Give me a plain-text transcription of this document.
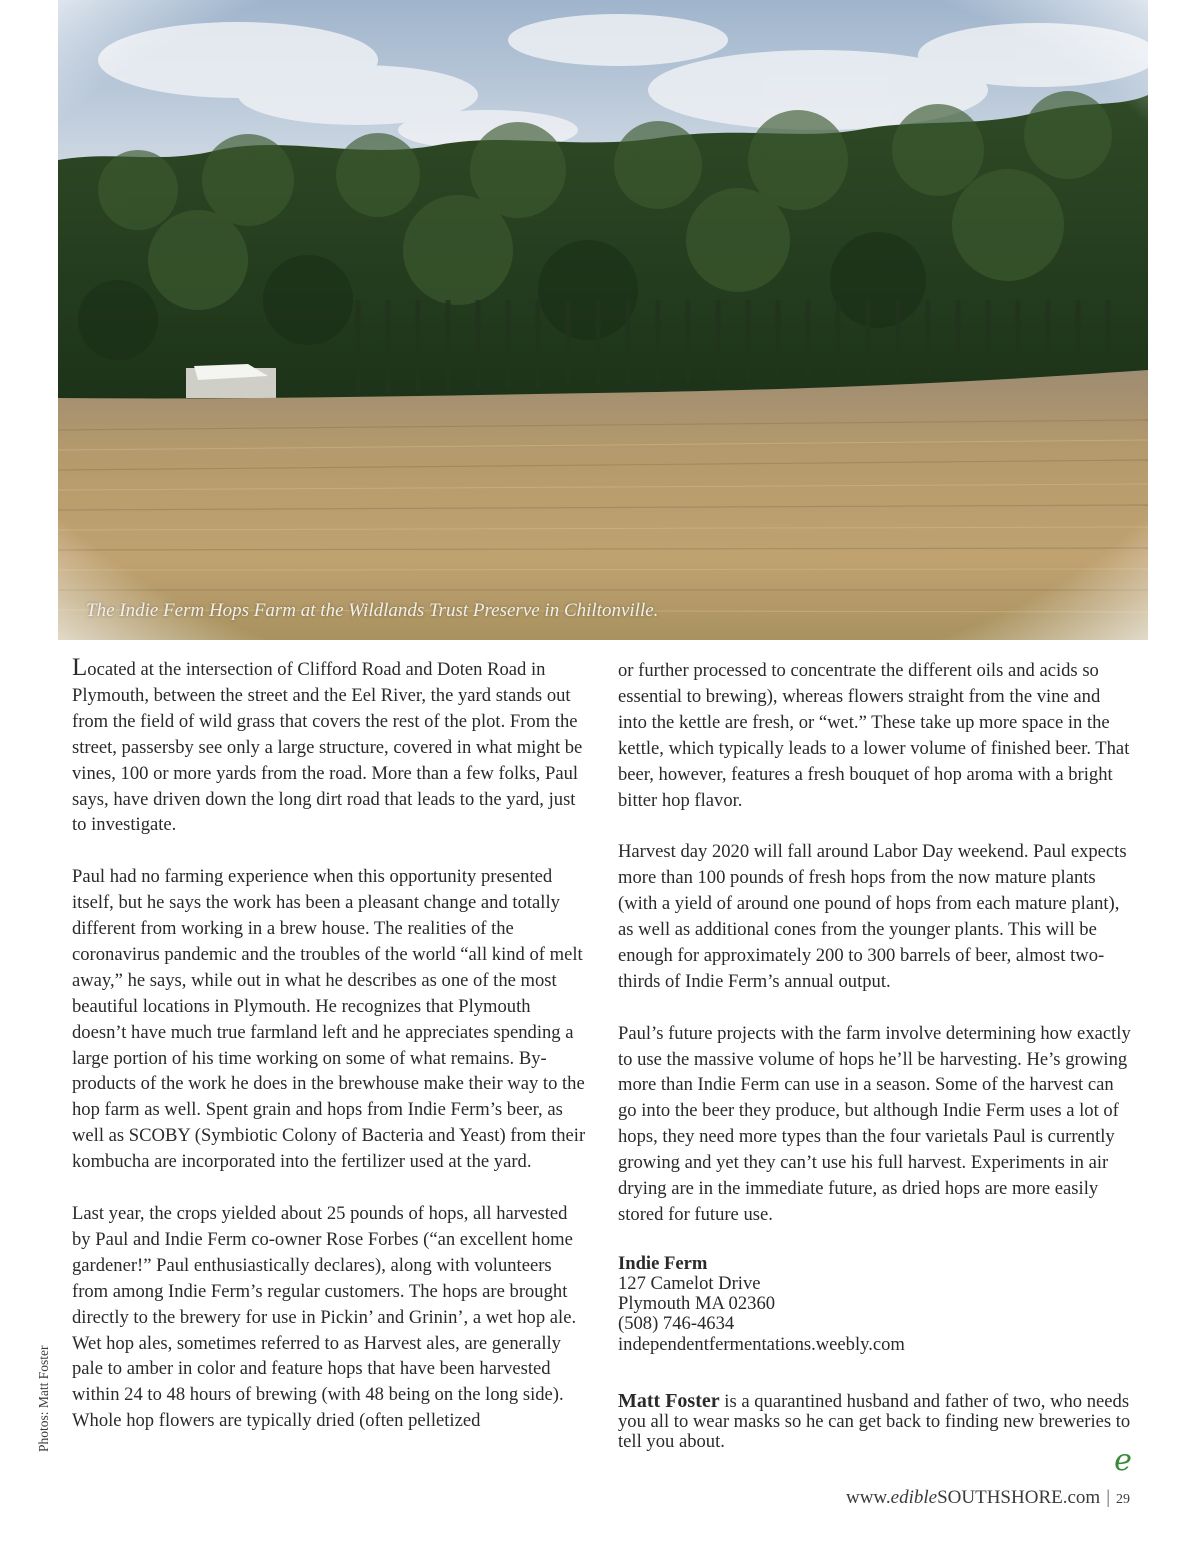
The Indie Ferm Hops Farm at the Wildlands Trust Preserve in Chiltonville.

Located at the intersection of Clifford Road and Doten Road in Plymouth, between the street and the Eel River, the yard stands out from the field of wild grass that covers the rest of the plot. From the street, passersby see only a large structure, covered in what might be vines, 100 or more yards from the road. More than a few folks, Paul says, have driven down the long dirt road that leads to the yard, just to investigate.

Paul had no farming experience when this opportunity presented itself, but he says the work has been a pleasant change and totally different from working in a brew house. The realities of the coronavirus pandemic and the troubles of the world “all kind of melt away,” he says, while out in what he describes as one of the most beautiful locations in Plymouth. He recognizes that Plymouth doesn’t have much true farmland left and he appreciates spending a large portion of his time working on some of what remains. By-products of the work he does in the brewhouse make their way to the hop farm as well. Spent grain and hops from Indie Ferm’s beer, as well as SCOBY (Symbiotic Colony of Bacteria and Yeast) from their kombucha are incorporated into the fertilizer used at the yard.

Last year, the crops yielded about 25 pounds of hops, all harvested by Paul and Indie Ferm co-owner Rose Forbes (“an excellent home gardener!” Paul enthusiastically declares), along with volunteers from among Indie Ferm’s regular customers. The hops are brought directly to the brewery for use in Pickin’ and Grinin’, a wet hop ale. Wet hop ales, sometimes referred to as Harvest ales, are generally pale to amber in color and feature hops that have been harvested within 24 to 48 hours of brewing (with 48 being on the long side). Whole hop flowers are typically dried (often pelletized

or further processed to concentrate the different oils and acids so essential to brewing), whereas flowers straight from the vine and into the kettle are fresh, or “wet.” These take up more space in the kettle, which typically leads to a lower volume of finished beer. That beer, however, features a fresh bouquet of hop aroma with a bright bitter hop flavor.

Harvest day 2020 will fall around Labor Day weekend. Paul expects more than 100 pounds of fresh hops from the now mature plants (with a yield of around one pound of hops from each mature plant), as well as additional cones from the younger plants. This will be enough for approximately 200 to 300 barrels of beer, almost two-thirds of Indie Ferm’s annual output.

Paul’s future projects with the farm involve determining how exactly to use the massive volume of hops he’ll be harvesting. He’s growing more than Indie Ferm can use in a season. Some of the harvest can go into the beer they produce, but although Indie Ferm uses a lot of hops, they need more types than the four varietals Paul is currently growing and yet they can’t use his full harvest. Experiments in air drying are in the immediate future, as dried hops are more easily stored for future use.

Indie Ferm
127 Camelot Drive
Plymouth MA 02360
(508) 746-4634
independentfermentations.weebly.com
Matt Foster is a quarantined husband and father of two, who needs you all to wear masks so he can get back to finding new breweries to tell you about.
Photos: Matt Foster
e
www.edibleSOUTHSHORE.com | 29
